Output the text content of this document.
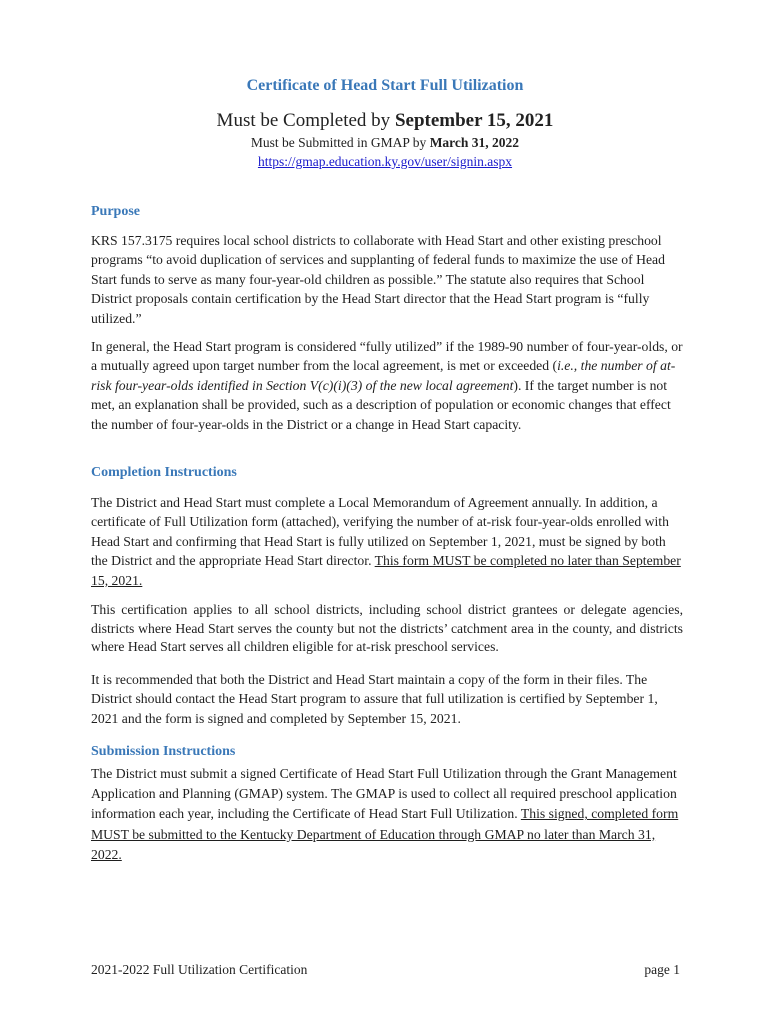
Certificate of Head Start Full Utilization
Must be Completed by September 15, 2021
Must be Submitted in GMAP by March 31, 2022
https://gmap.education.ky.gov/user/signin.aspx
Purpose
KRS 157.3175 requires local school districts to collaborate with Head Start and other existing preschool programs “to avoid duplication of services and supplanting of federal funds to maximize the use of Head Start funds to serve as many four-year-old children as possible.” The statute also requires that School District proposals contain certification by the Head Start director that the Head Start program is “fully utilized.”
In general, the Head Start program is considered “fully utilized” if the 1989-90 number of four-year-olds, or a mutually agreed upon target number from the local agreement, is met or exceeded (i.e., the number of at-risk four-year-olds identified in Section V(c)(i)(3) of the new local agreement). If the target number is not met, an explanation shall be provided, such as a description of population or economic changes that effect the number of four-year-olds in the District or a change in Head Start capacity.
Completion Instructions
The District and Head Start must complete a Local Memorandum of Agreement annually. In addition, a certificate of Full Utilization form (attached), verifying the number of at-risk four-year-olds enrolled with Head Start and confirming that Head Start is fully utilized on September 1, 2021, must be signed by both the District and the appropriate Head Start director. This form MUST be completed no later than September 15, 2021.
This certification applies to all school districts, including school district grantees or delegate agencies, districts where Head Start serves the county but not the districts’ catchment area in the county, and districts where Head Start serves all children eligible for at-risk preschool services.
It is recommended that both the District and Head Start maintain a copy of the form in their files. The District should contact the Head Start program to assure that full utilization is certified by September 1, 2021 and the form is signed and completed by September 15, 2021.
Submission Instructions
The District must submit a signed Certificate of Head Start Full Utilization through the Grant Management Application and Planning (GMAP) system. The GMAP is used to collect all required preschool application information each year, including the Certificate of Head Start Full Utilization. This signed, completed form MUST be submitted to the Kentucky Department of Education through GMAP no later than March 31, 2022.
2021-2022 Full Utilization Certification	page 1
